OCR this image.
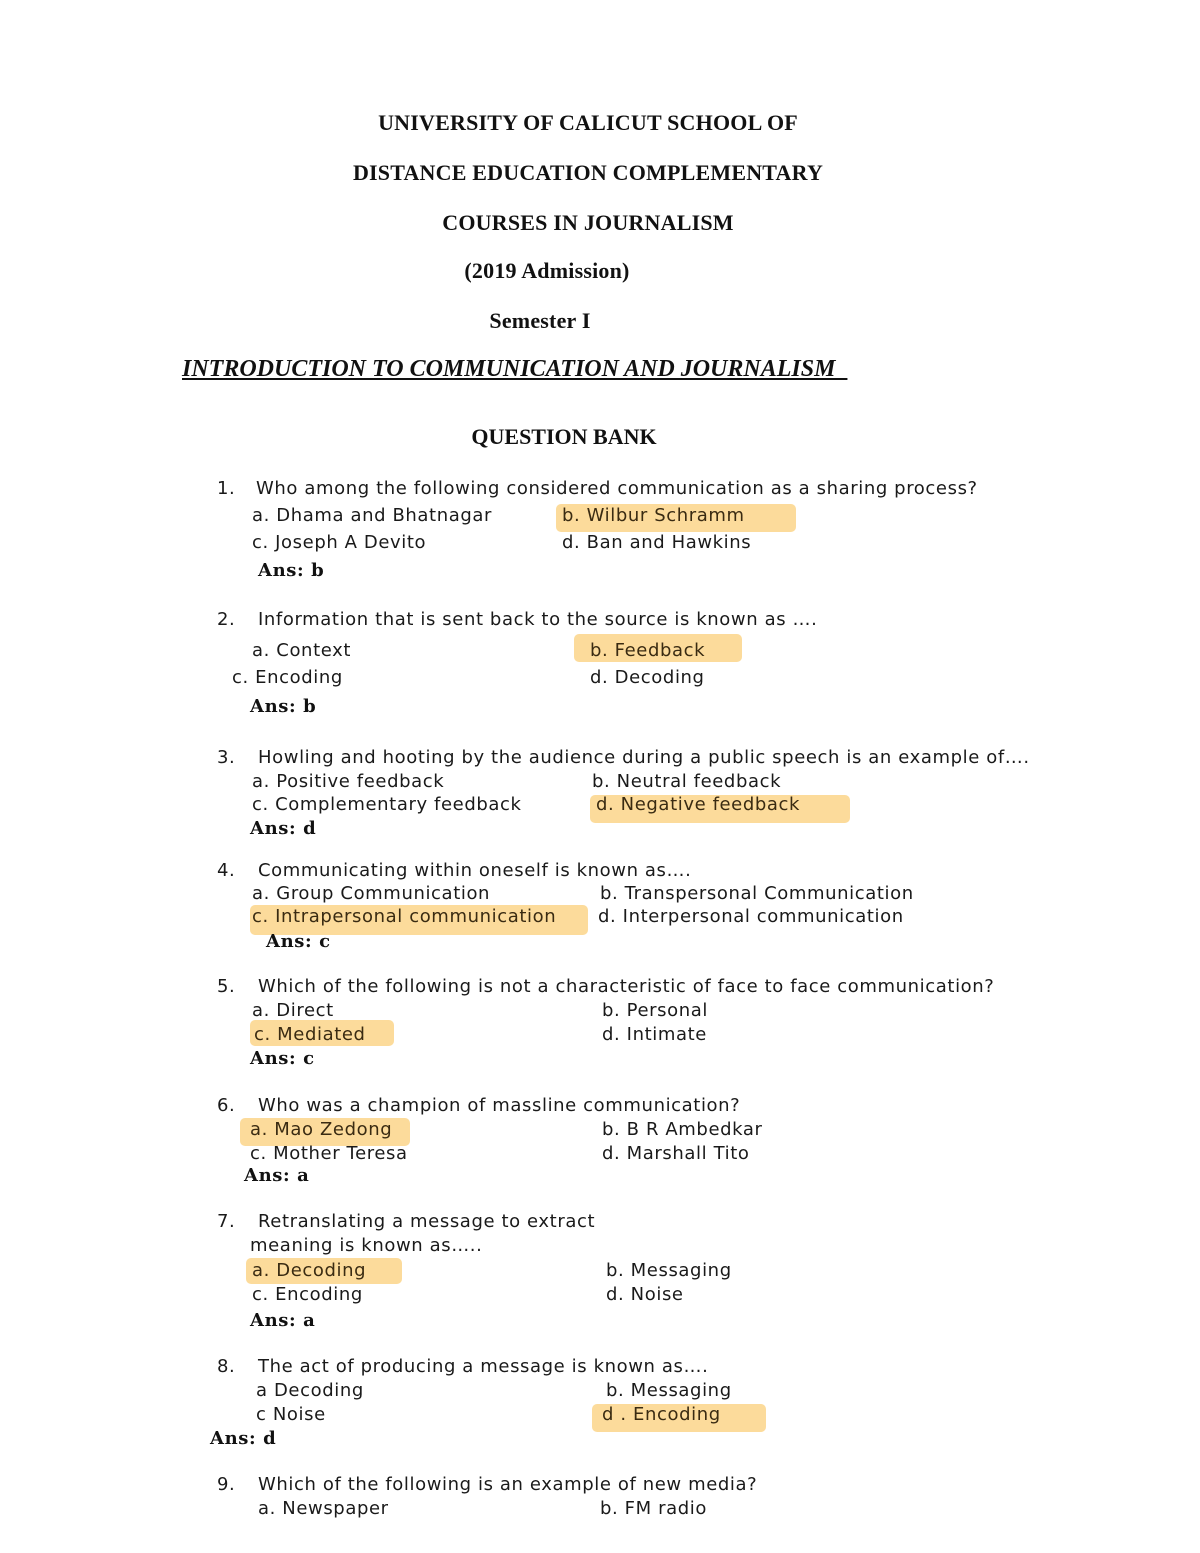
UNIVERSITY OF CALICUT SCHOOL OF
DISTANCE EDUCATION COMPLEMENTARY
COURSES IN JOURNALISM
(2019 Admission)
Semester I
INTRODUCTION TO COMMUNICATION AND JOURNALISM
QUESTION BANK
1. Who among the following considered communication as a sharing process?
a. Dhama and Bhatnagar	b. Wilbur Schramm
c. Joseph A Devito	d. Ban and Hawkins
Ans: b
2. Information that is sent back to the source is known as ….
a. Context	b. Feedback
c. Encoding	d. Decoding
Ans: b
3. Howling and hooting by the audience during a public speech is an example of….
a. Positive feedback	b. Neutral feedback
c. Complementary feedback	d. Negative feedback
Ans: d
4. Communicating within oneself is known as….
a. Group Communication	b. Transpersonal Communication
c. Intrapersonal communication d. Interpersonal communication
Ans: c
5. Which of the following is not a characteristic of face to face communication?
a. Direct	b. Personal
c. Mediated	d. Intimate
Ans: c
6. Who was a champion of massline communication?
a. Mao Zedong	b. B R Ambedkar
c. Mother Teresa	d. Marshall Tito
Ans: a
7. Retranslating a message to extract
meaning is known as…..
a. Decoding	b. Messaging
c. Encoding	d. Noise
Ans: a
8. The act of producing a message is known as….
a Decoding	b. Messaging
c Noise	d . Encoding
Ans: d
9. Which of the following is an example of new media?
a. Newspaper	b. FM radio
